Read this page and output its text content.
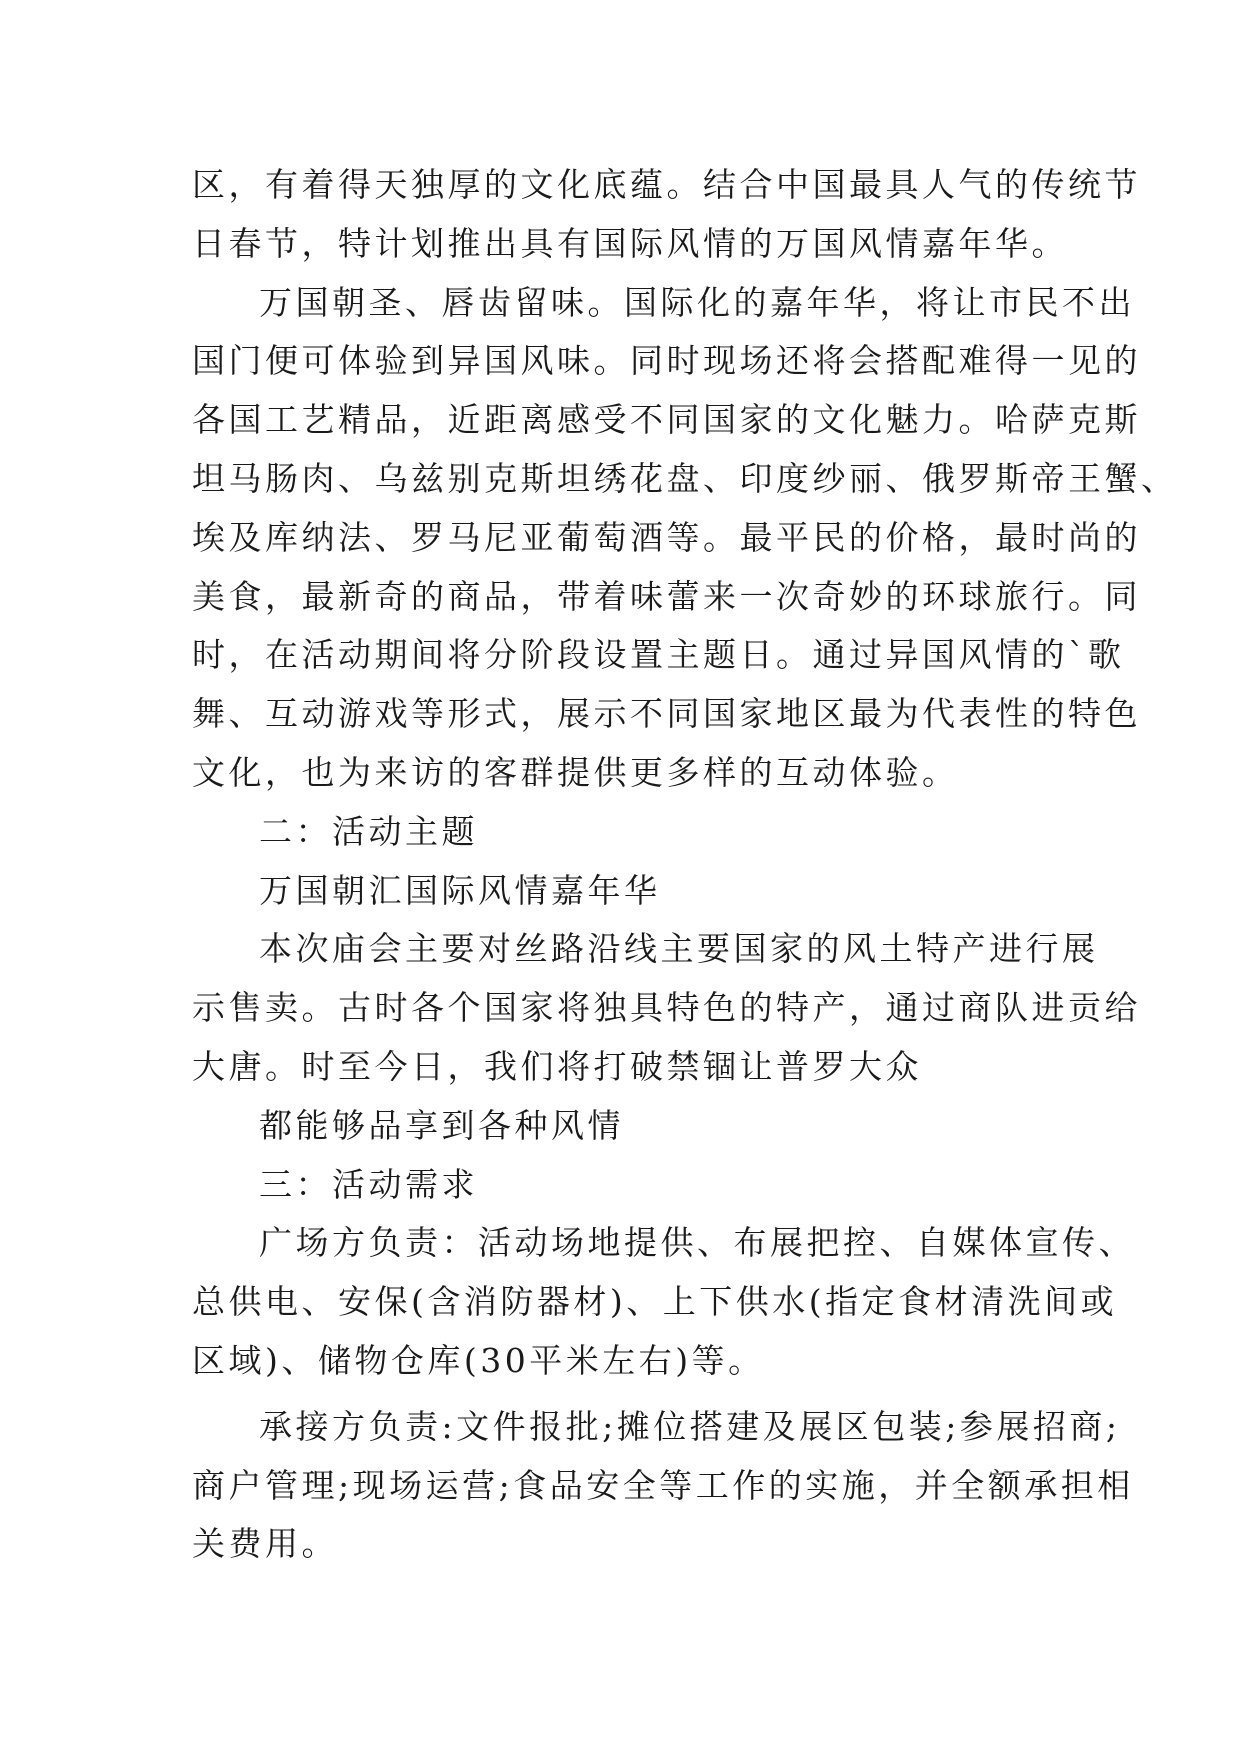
区，有着得天独厚的文化底蕴。结合中国最具人气的传统节
日春节，特计划推出具有国际风情的万国风情嘉年华。
万国朝圣、唇齿留味。国际化的嘉年华，将让市民不出
国门便可体验到异国风味。同时现场还将会搭配难得一见的
各国工艺精品，近距离感受不同国家的文化魅力。哈萨克斯
坦马肠肉、乌兹别克斯坦绣花盘、印度纱丽、俄罗斯帝王蟹、
埃及库纳法、罗马尼亚葡萄酒等。最平民的价格，最时尚的
美食，最新奇的商品，带着味蕾来一次奇妙的环球旅行。同
时，在活动期间将分阶段设置主题日。通过异国风情的`歌
舞、互动游戏等形式，展示不同国家地区最为代表性的特色
文化，也为来访的客群提供更多样的互动体验。
二：活动主题
万国朝汇国际风情嘉年华
本次庙会主要对丝路沿线主要国家的风土特产进行展
示售卖。古时各个国家将独具特色的特产，通过商队进贡给
大唐。时至今日，我们将打破禁锢让普罗大众
都能够品享到各种风情
三：活动需求
广场方负责：活动场地提供、布展把控、自媒体宣传、
总供电、安保(含消防器材)、上下供水(指定食材清洗间或
区域)、储物仓库(30平米左右)等。
承接方负责:文件报批;摊位搭建及展区包装;参展招商;
商户管理;现场运营;食品安全等工作的实施，并全额承担相
关费用。
